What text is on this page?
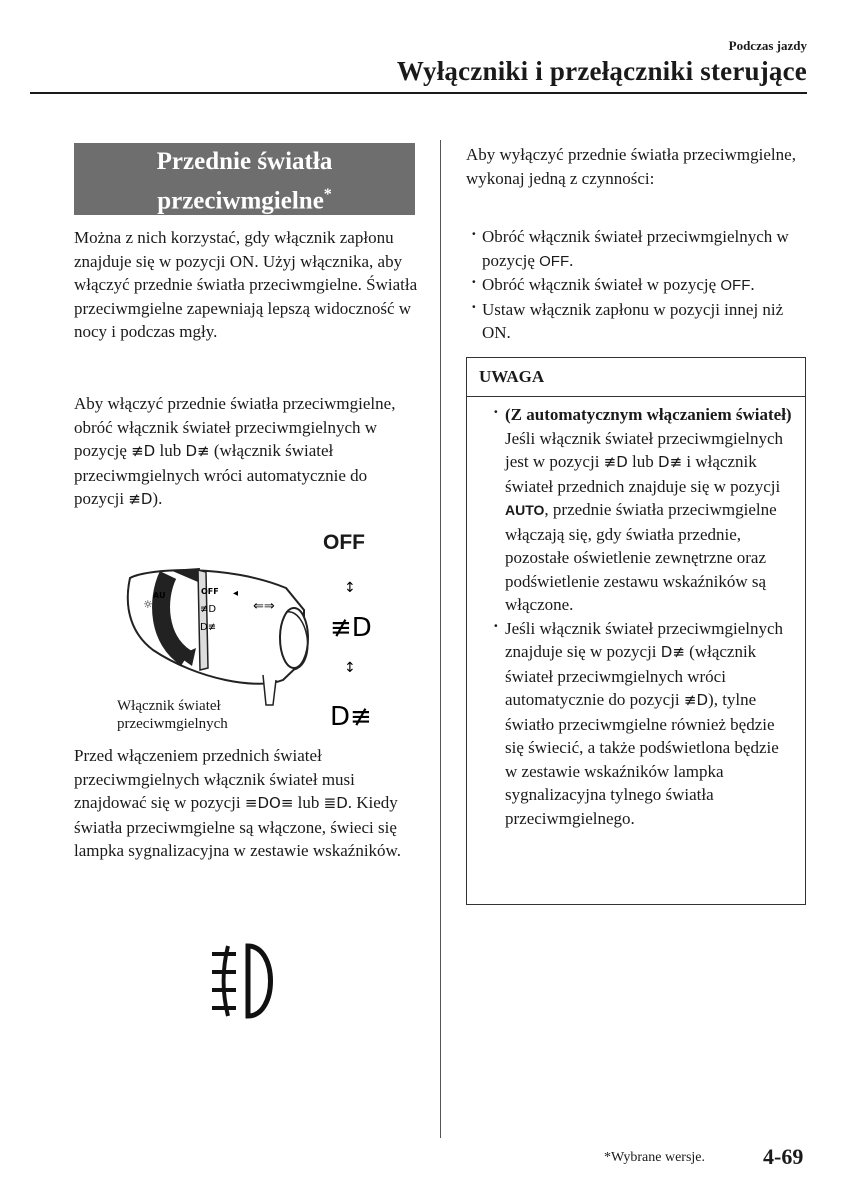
Podczas jazdy
Wyłączniki i przełączniki sterujące
Przednie światła
przeciwmgielne*
Można z nich korzystać, gdy włącznik zapłonu znajduje się w pozycji ON. Użyj włącznika, aby włączyć przednie światła przeciwmgielne. Światła przeciwmgielne zapewniają lepszą widoczność w nocy i podczas mgły.
Aby włączyć przednie światła przeciwmgielne, obróć włącznik świateł przeciwmgielnych w pozycję ≢D lub D≢ (włącznik świateł przeciwmgielnych wróci automatycznie do pozycji ≢D).
OFF
☼
AU	OFF
≢D
D≢
◂
⇐⇒
↕
≢D
↕
D≢
Włącznik świateł
przeciwmgielnych
Przed włączeniem przednich świateł przeciwmgielnych włącznik świateł musi znajdować się w pozycji ≡DO≡ lub ≣D. Kiedy światła przeciwmgielne są włączone, świeci się lampka sygnalizacyjna w zestawie wskaźników.
Aby wyłączyć przednie światła przeciwmgielne, wykonaj jedną z czynności:
· Obróć włącznik świateł przeciwmgielnych w pozycję OFF.
· Obróć włącznik świateł w pozycję OFF.
· Ustaw włącznik zapłonu w pozycji innej niż ON.
UWAGA
· (Z automatycznym włączaniem świateł)
Jeśli włącznik świateł przeciwmgielnych jest w pozycji ≢D lub D≢ i włącznik świateł przednich znajduje się w pozycji AUTO, przednie światła przeciwmgielne włączają się, gdy światła przednie, pozostałe oświetlenie zewnętrzne oraz podświetlenie zestawu wskaźników są włączone.
· Jeśli włącznik świateł przeciwmgielnych znajduje się w pozycji D≢ (włącznik świateł przeciwmgielnych wróci automatycznie do pozycji ≢D), tylne światło przeciwmgielne również będzie się świecić, a także podświetlona będzie w zestawie wskaźników lampka sygnalizacyjna tylnego światła przeciwmgielnego.
*Wybrane wersje.	4-69
